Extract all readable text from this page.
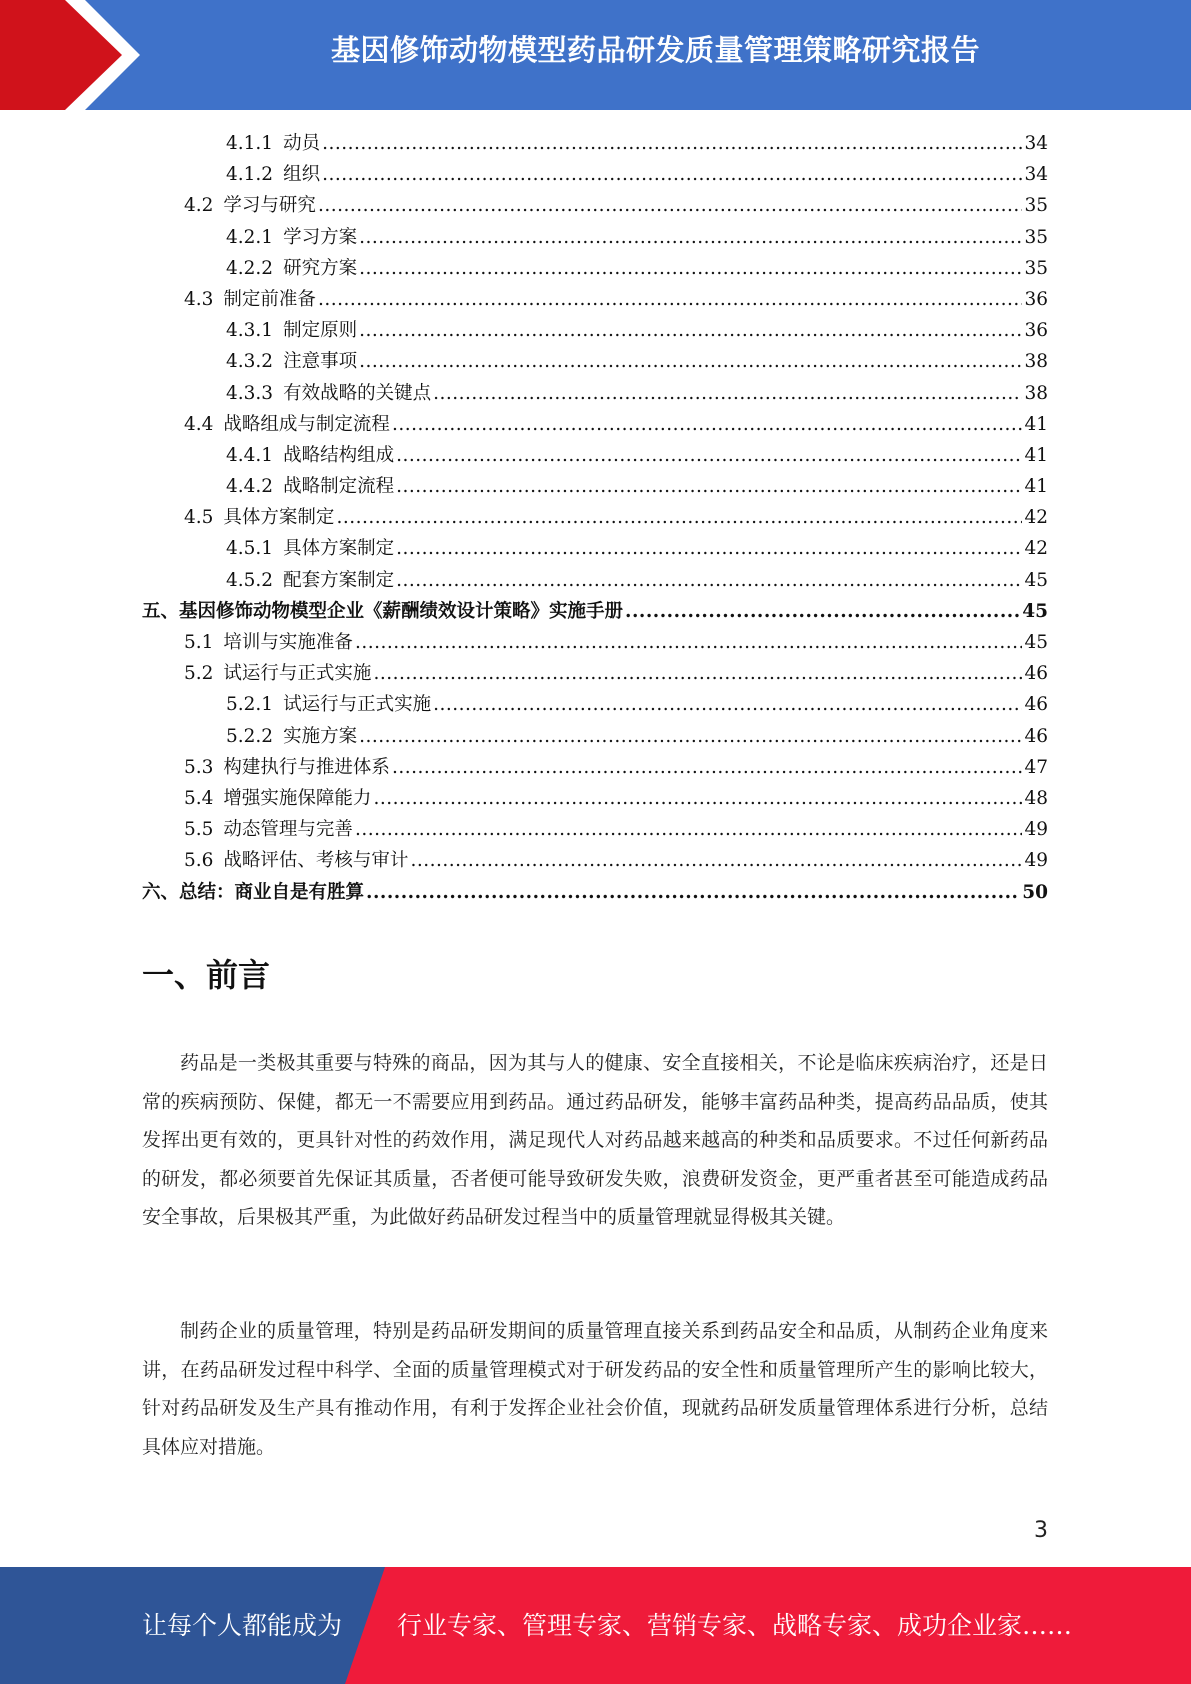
基因修饰动物模型药品研发质量管理策略研究报告
4.1.1 动员 .....	34
4.1.2 组织 .....	34
4.2 学习与研究 .....	35
4.2.1 学习方案 .....	35
4.2.2 研究方案 .....	35
4.3 制定前准备 .....	36
4.3.1 制定原则 .....	36
4.3.2 注意事项 .....	38
4.3.3 有效战略的关键点 .....	38
4.4 战略组成与制定流程 .....	41
4.4.1 战略结构组成 .....	41
4.4.2 战略制定流程 .....	41
4.5 具体方案制定 .....	42
4.5.1 具体方案制定 .....	42
4.5.2 配套方案制定 .....	45
五、 基因修饰动物模型企业《薪酬绩效设计策略》实施手册 .....	45
5.1 培训与实施准备 .....	45
5.2 试运行与正式实施 .....	46
5.2.1 试运行与正式实施 .....	46
5.2.2 实施方案 .....	46
5.3 构建执行与推进体系 .....	47
5.4 增强实施保障能力 .....	48
5.5 动态管理与完善 .....	49
5.6 战略评估、考核与审计 .....	49
六、 总结：商业自是有胜算 .....	50
一、前言
药品是一类极其重要与特殊的商品，因为其与人的健康、安全直接相关，不论是临床疾病治疗，还是日常的疾病预防、保健，都无一不需要应用到药品。通过药品研发，能够丰富药品种类，提高药品品质，使其发挥出更有效的，更具针对性的药效作用，满足现代人对药品越来越高的种类和品质要求。不过任何新药品的研发，都必须要首先保证其质量，否者便可能导致研发失败，浪费研发资金，更严重者甚至可能造成药品安全事故，后果极其严重，为此做好药品研发过程当中的质量管理就显得极其关键。
制药企业的质量管理，特别是药品研发期间的质量管理直接关系到药品安全和品质，从制药企业角度来讲，在药品研发过程中科学、全面的质量管理模式对于研发药品的安全性和质量管理所产生的影响比较大，针对药品研发及生产具有推动作用，有利于发挥企业社会价值，现就药品研发质量管理体系进行分析，总结具体应对措施。
3
让每个人都能成为 行业专家、管理专家、营销专家、战略专家、成功企业家……
